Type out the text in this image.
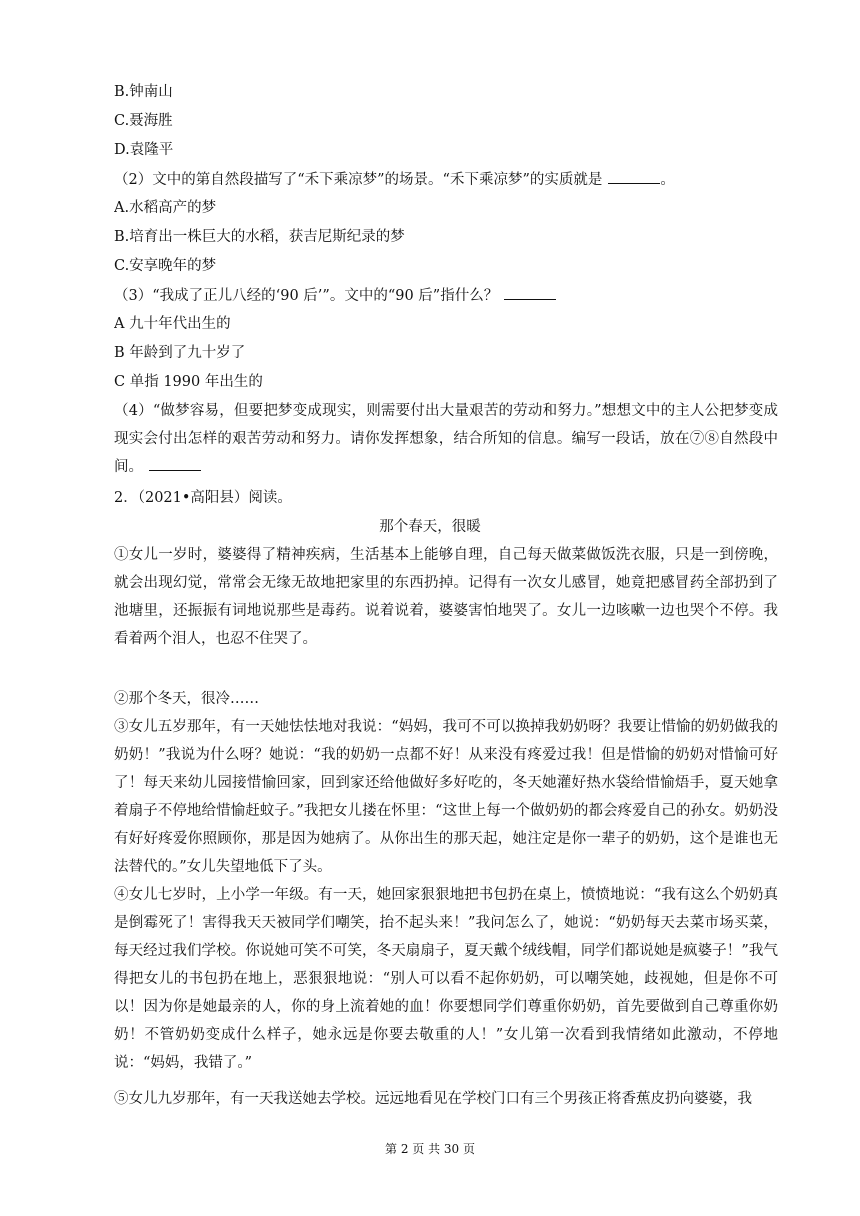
B.钟南山
C.聂海胜
D.袁隆平
（2）文中的第自然段描写了“禾下乘凉梦”的场景。“禾下乘凉梦”的实质就是	。
A.水稻高产的梦
B.培育出一株巨大的水稻，获吉尼斯纪录的梦
C.安享晚年的梦
（3）“我成了正儿八经的‘90 后’”。文中的“90 后”指什么？
A 九十年代出生的
B 年龄到了九十岁了
C 单指 1990 年出生的
（4）“做梦容易，但要把梦变成现实，则需要付出大量艰苦的劳动和努力。”想想文中的主人公把梦变成现实会付出怎样的艰苦劳动和努力。请你发挥想象，结合所知的信息。编写一段话，放在⑦⑧自然段中间。
2．（2021•高阳县）阅读。
那个春天，很暖
①女儿一岁时，婆婆得了精神疾病，生活基本上能够自理，自己每天做菜做饭洗衣服，只是一到傍晚，就会出现幻觉，常常会无缘无故地把家里的东西扔掉。记得有一次女儿感冒，她竟把感冒药全部扔到了池塘里，还振振有词地说那些是毒药。说着说着，婆婆害怕地哭了。女儿一边咳嗽一边也哭个不停。我看着两个泪人，也忍不住哭了。
②那个冬天，很冷……
③女儿五岁那年，有一天她怯怯地对我说：“妈妈，我可不可以换掉我奶奶呀？我要让惜愉的奶奶做我的奶奶！”我说为什么呀？她说：“我的奶奶一点都不好！从来没有疼爱过我！但是惜愉的奶奶对惜愉可好了！每天来幼儿园接惜愉回家，回到家还给他做好多好吃的，冬天她灌好热水袋给惜愉焐手，夏天她拿着扇子不停地给惜愉赶蚊子。”我把女儿搂在怀里：“这世上每一个做奶奶的都会疼爱自己的孙女。奶奶没有好好疼爱你照顾你，那是因为她病了。从你出生的那天起，她注定是你一辈子的奶奶，这个是谁也无法替代的。”女儿失望地低下了头。
④女儿七岁时，上小学一年级。有一天，她回家狠狠地把书包扔在桌上，愤愤地说：“我有这么个奶奶真是倒霉死了！害得我天天被同学们嘲笑，抬不起头来！”我问怎么了，她说：“奶奶每天去菜市场买菜，每天经过我们学校。你说她可笑不可笑，冬天扇扇子，夏天戴个绒线帽，同学们都说她是疯婆子！”我气得把女儿的书包扔在地上，恶狠狠地说：“别人可以看不起你奶奶，可以嘲笑她，歧视她，但是你不可以！因为你是她最亲的人，你的身上流着她的血！你要想同学们尊重你奶奶，首先要做到自己尊重你奶奶！不管奶奶变成什么样子，她永远是你要去敬重的人！”女儿第一次看到我情绪如此激动，不停地说：“妈妈，我错了。”
⑤女儿九岁那年，有一天我送她去学校。远远地看见在学校门口有三个男孩正将香蕉皮扔向婆婆，我
第 2 页 共 30 页
